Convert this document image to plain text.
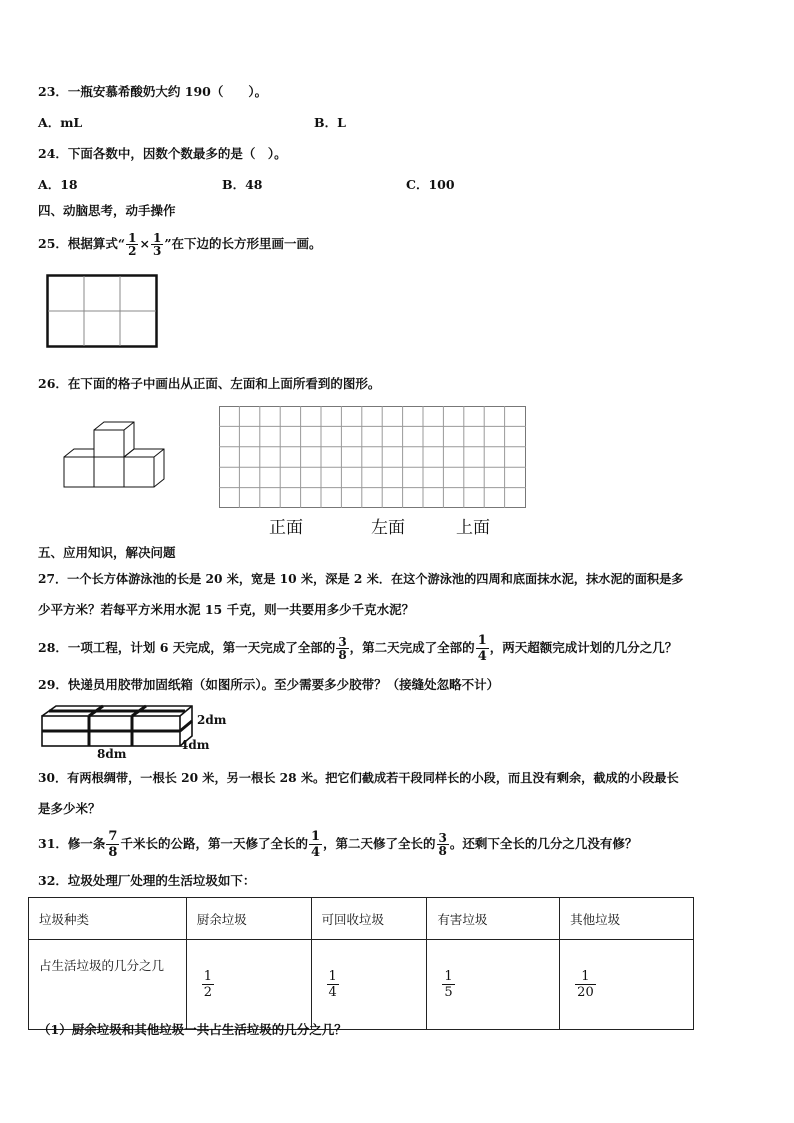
23．一瓶安慕希酸奶大约 190（　　）。
A．mL	B．L
24．下面各数中，因数个数最多的是（　）。
A．18	B．48	C．100
四、动脑思考，动手操作
25．根据算式“ $\frac{1}{2} \times \frac{1}{3}$ ”在下边的长方形里画一画。
26．在下面的格子中画出从正面、左面和上面所看到的图形。
正面	左面	上面
五、应用知识，解决问题
27．一个长方体游泳池的长是 20 米，宽是 10 米，深是 2 米．在这个游泳池的四周和底面抹水泥，抹水泥的面积是多
少平方米？若每平方米用水泥 15 千克，则一共要用多少千克水泥？
28．一项工程，计划 6 天完成，第一天完成了全部的 $\frac{3}{8}$ ，第二天完成了全部的 $\frac{1}{4}$ ，两天超额完成计划的几分之几？
29．快递员用胶带加固纸箱（如图所示）。至少需要多少胶带？（接缝处忽略不计）
2dm
4dm
8dm
30．有两根绸带，一根长 20 米，另一根长 28 米。把它们截成若干段同样长的小段，而且没有剩余，截成的小段最长
是多少米？
31．修一条 $\frac{7}{8}$ 千米长的公路，第一天修了全长的 $\frac{1}{4}$ ，第二天修了全长的 $\frac{3}{8}$ 。还剩下全长的几分之几没有修？
32．垃圾处理厂处理的生活垃圾如下：
垃圾种类	厨余垃圾	可回收垃圾	有害垃圾	其他垃圾
占生活垃圾的几分之几	$\frac{1}{2}$	$\frac{1}{4}$	$\frac{1}{5}$	$\frac{1}{20}$
（1）厨余垃圾和其他垃圾一共占生活垃圾的几分之几？
